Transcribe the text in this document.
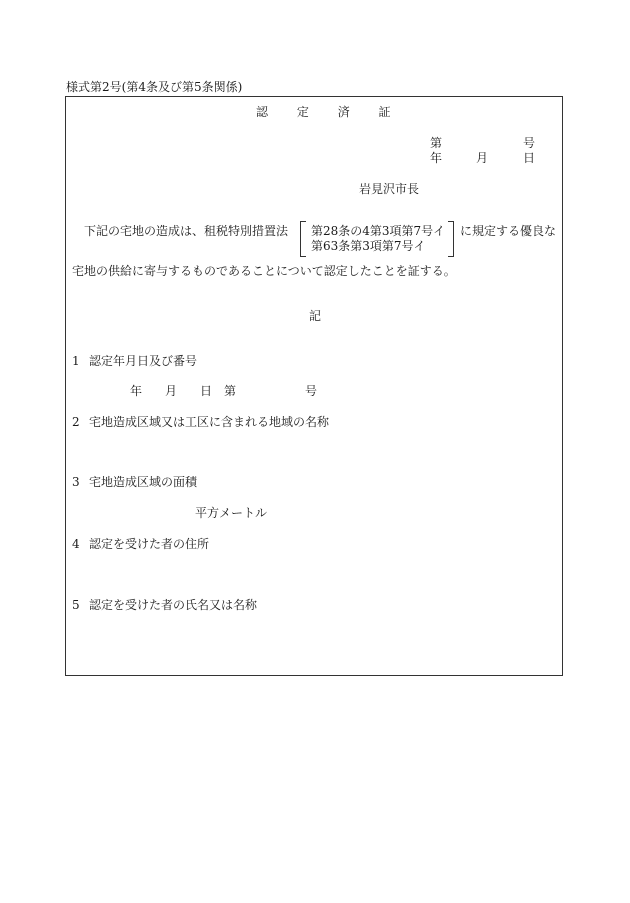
様式第2号(第4条及び第5条関係)
認 定 済 証
第	号
年	月	日
岩見沢市長
下記の宅地の造成は、租税特別措置法 第28条の4第3項第7号イ
第63条第3項第7号イ
に規定する優良な
宅地の供給に寄与するものであることについて認定したことを証する。
記
1 認定年月日及び番号
年 月 日 第	号
2 宅地造成区域又は工区に含まれる地域の名称
3 宅地造成区域の面積
平方メートル
4 認定を受けた者の住所
5 認定を受けた者の氏名又は名称
